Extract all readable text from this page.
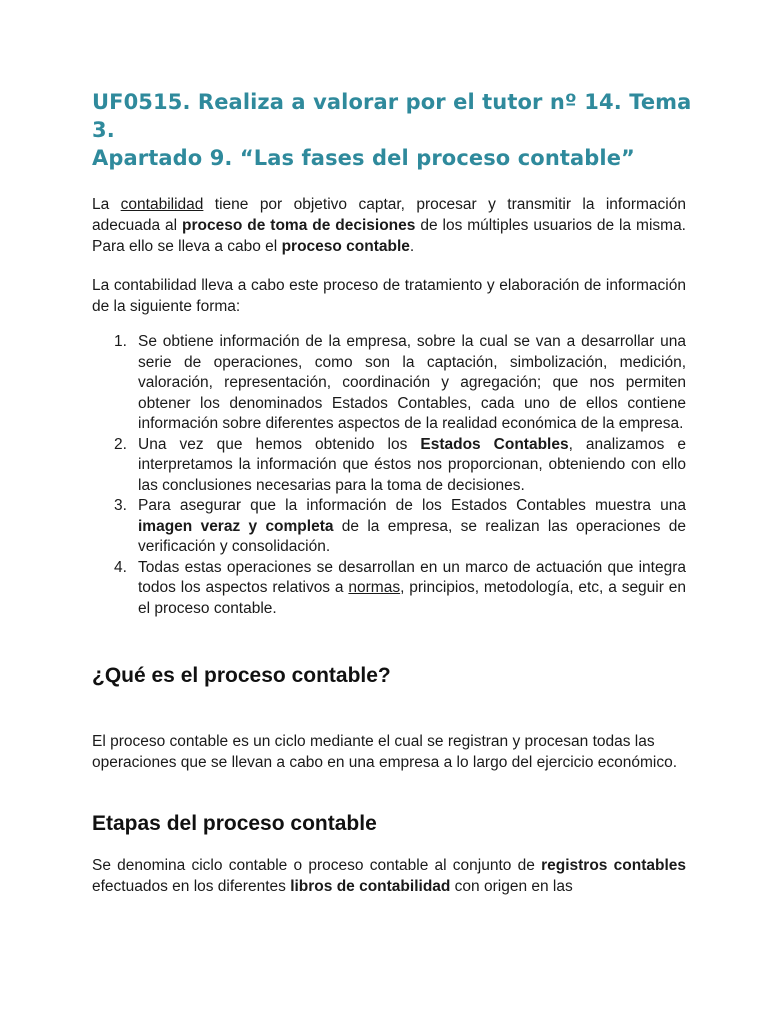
UF0515. Realiza a valorar por el tutor nº 14. Tema 3.
Apartado 9. “Las fases del proceso contable”

La contabilidad tiene por objetivo captar, procesar y transmitir la información adecuada al proceso de toma de decisiones de los múltiples usuarios de la misma. Para ello se lleva a cabo el proceso contable.

La contabilidad lleva a cabo este proceso de tratamiento y elaboración de información de la siguiente forma:

1. Se obtiene información de la empresa, sobre la cual se van a desarrollar una serie de operaciones, como son la captación, simbolización, medición, valoración, representación, coordinación y agregación; que nos permiten obtener los denominados Estados Contables, cada uno de ellos contiene información sobre diferentes aspectos de la realidad económica de la empresa.
2. Una vez que hemos obtenido los Estados Contables, analizamos e interpretamos la información que éstos nos proporcionan, obteniendo con ello las conclusiones necesarias para la toma de decisiones.
3. Para asegurar que la información de los Estados Contables muestra una imagen veraz y completa de la empresa, se realizan las operaciones de verificación y consolidación.
4. Todas estas operaciones se desarrollan en un marco de actuación que integra todos los aspectos relativos a normas, principios, metodología, etc, a seguir en el proceso contable.
¿Qué es el proceso contable?

El proceso contable es un ciclo mediante el cual se registran y procesan todas las operaciones que se llevan a cabo en una empresa a lo largo del ejercicio económico.

Etapas del proceso contable

Se denomina ciclo contable o proceso contable al conjunto de registros contables efectuados en los diferentes libros de contabilidad con origen en las
